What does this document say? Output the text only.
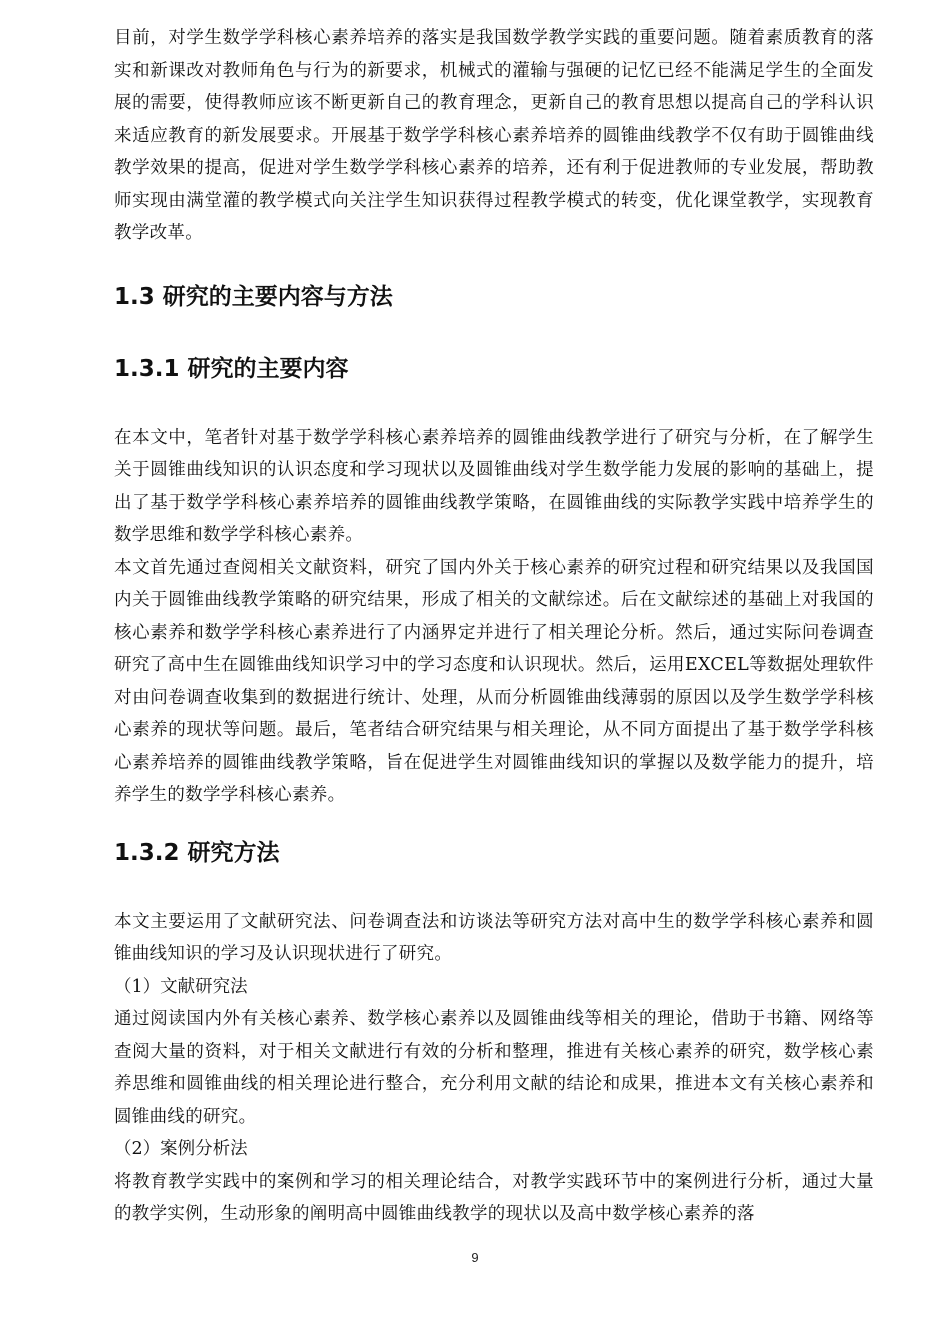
目前，对学生数学学科核心素养培养的落实是我国数学教学实践的重要问题。随着素质教育的落实和新课改对教师角色与行为的新要求，机械式的灌输与强硬的记忆已经不能满足学生的全面发展的需要，使得教师应该不断更新自己的教育理念，更新自己的教育思想以提高自己的学科认识来适应教育的新发展要求。开展基于数学学科核心素养培养的圆锥曲线教学不仅有助于圆锥曲线教学效果的提高，促进对学生数学学科核心素养的培养，还有利于促进教师的专业发展，帮助教师实现由满堂灌的教学模式向关注学生知识获得过程教学模式的转变，优化课堂教学，实现教育教学改革。

1.3 研究的主要内容与方法
1.3.1 研究的主要内容

在本文中，笔者针对基于数学学科核心素养培养的圆锥曲线教学进行了研究与分析，在了解学生关于圆锥曲线知识的认识态度和学习现状以及圆锥曲线对学生数学能力发展的影响的基础上，提出了基于数学学科核心素养培养的圆锥曲线教学策略，在圆锥曲线的实际教学实践中培养学生的数学思维和数学学科核心素养。

本文首先通过查阅相关文献资料，研究了国内外关于核心素养的研究过程和研究结果以及我国国内关于圆锥曲线教学策略的研究结果，形成了相关的文献综述。后在文献综述的基础上对我国的核心素养和数学学科核心素养进行了内涵界定并进行了相关理论分析。然后，通过实际问卷调查研究了高中生在圆锥曲线知识学习中的学习态度和认识现状。然后，运用EXCEL等数据处理软件对由问卷调查收集到的数据进行统计、处理，从而分析圆锥曲线薄弱的原因以及学生数学学科核心素养的现状等问题。最后，笔者结合研究结果与相关理论，从不同方面提出了基于数学学科核心素养培养的圆锥曲线教学策略，旨在促进学生对圆锥曲线知识的掌握以及数学能力的提升，培养学生的数学学科核心素养。

1.3.2 研究方法

本文主要运用了文献研究法、问卷调查法和访谈法等研究方法对高中生的数学学科核心素养和圆锥曲线知识的学习及认识现状进行了研究。

（1）文献研究法

通过阅读国内外有关核心素养、数学核心素养以及圆锥曲线等相关的理论，借助于书籍、网络等查阅大量的资料，对于相关文献进行有效的分析和整理，推进有关核心素养的研究，数学核心素养思维和圆锥曲线的相关理论进行整合，充分利用文献的结论和成果，推进本文有关核心素养和圆锥曲线的研究。

（2）案例分析法

将教育教学实践中的案例和学习的相关理论结合，对教学实践环节中的案例进行分析，通过大量的教学实例，生动形象的阐明高中圆锥曲线教学的现状以及高中数学核心素养的落

9
